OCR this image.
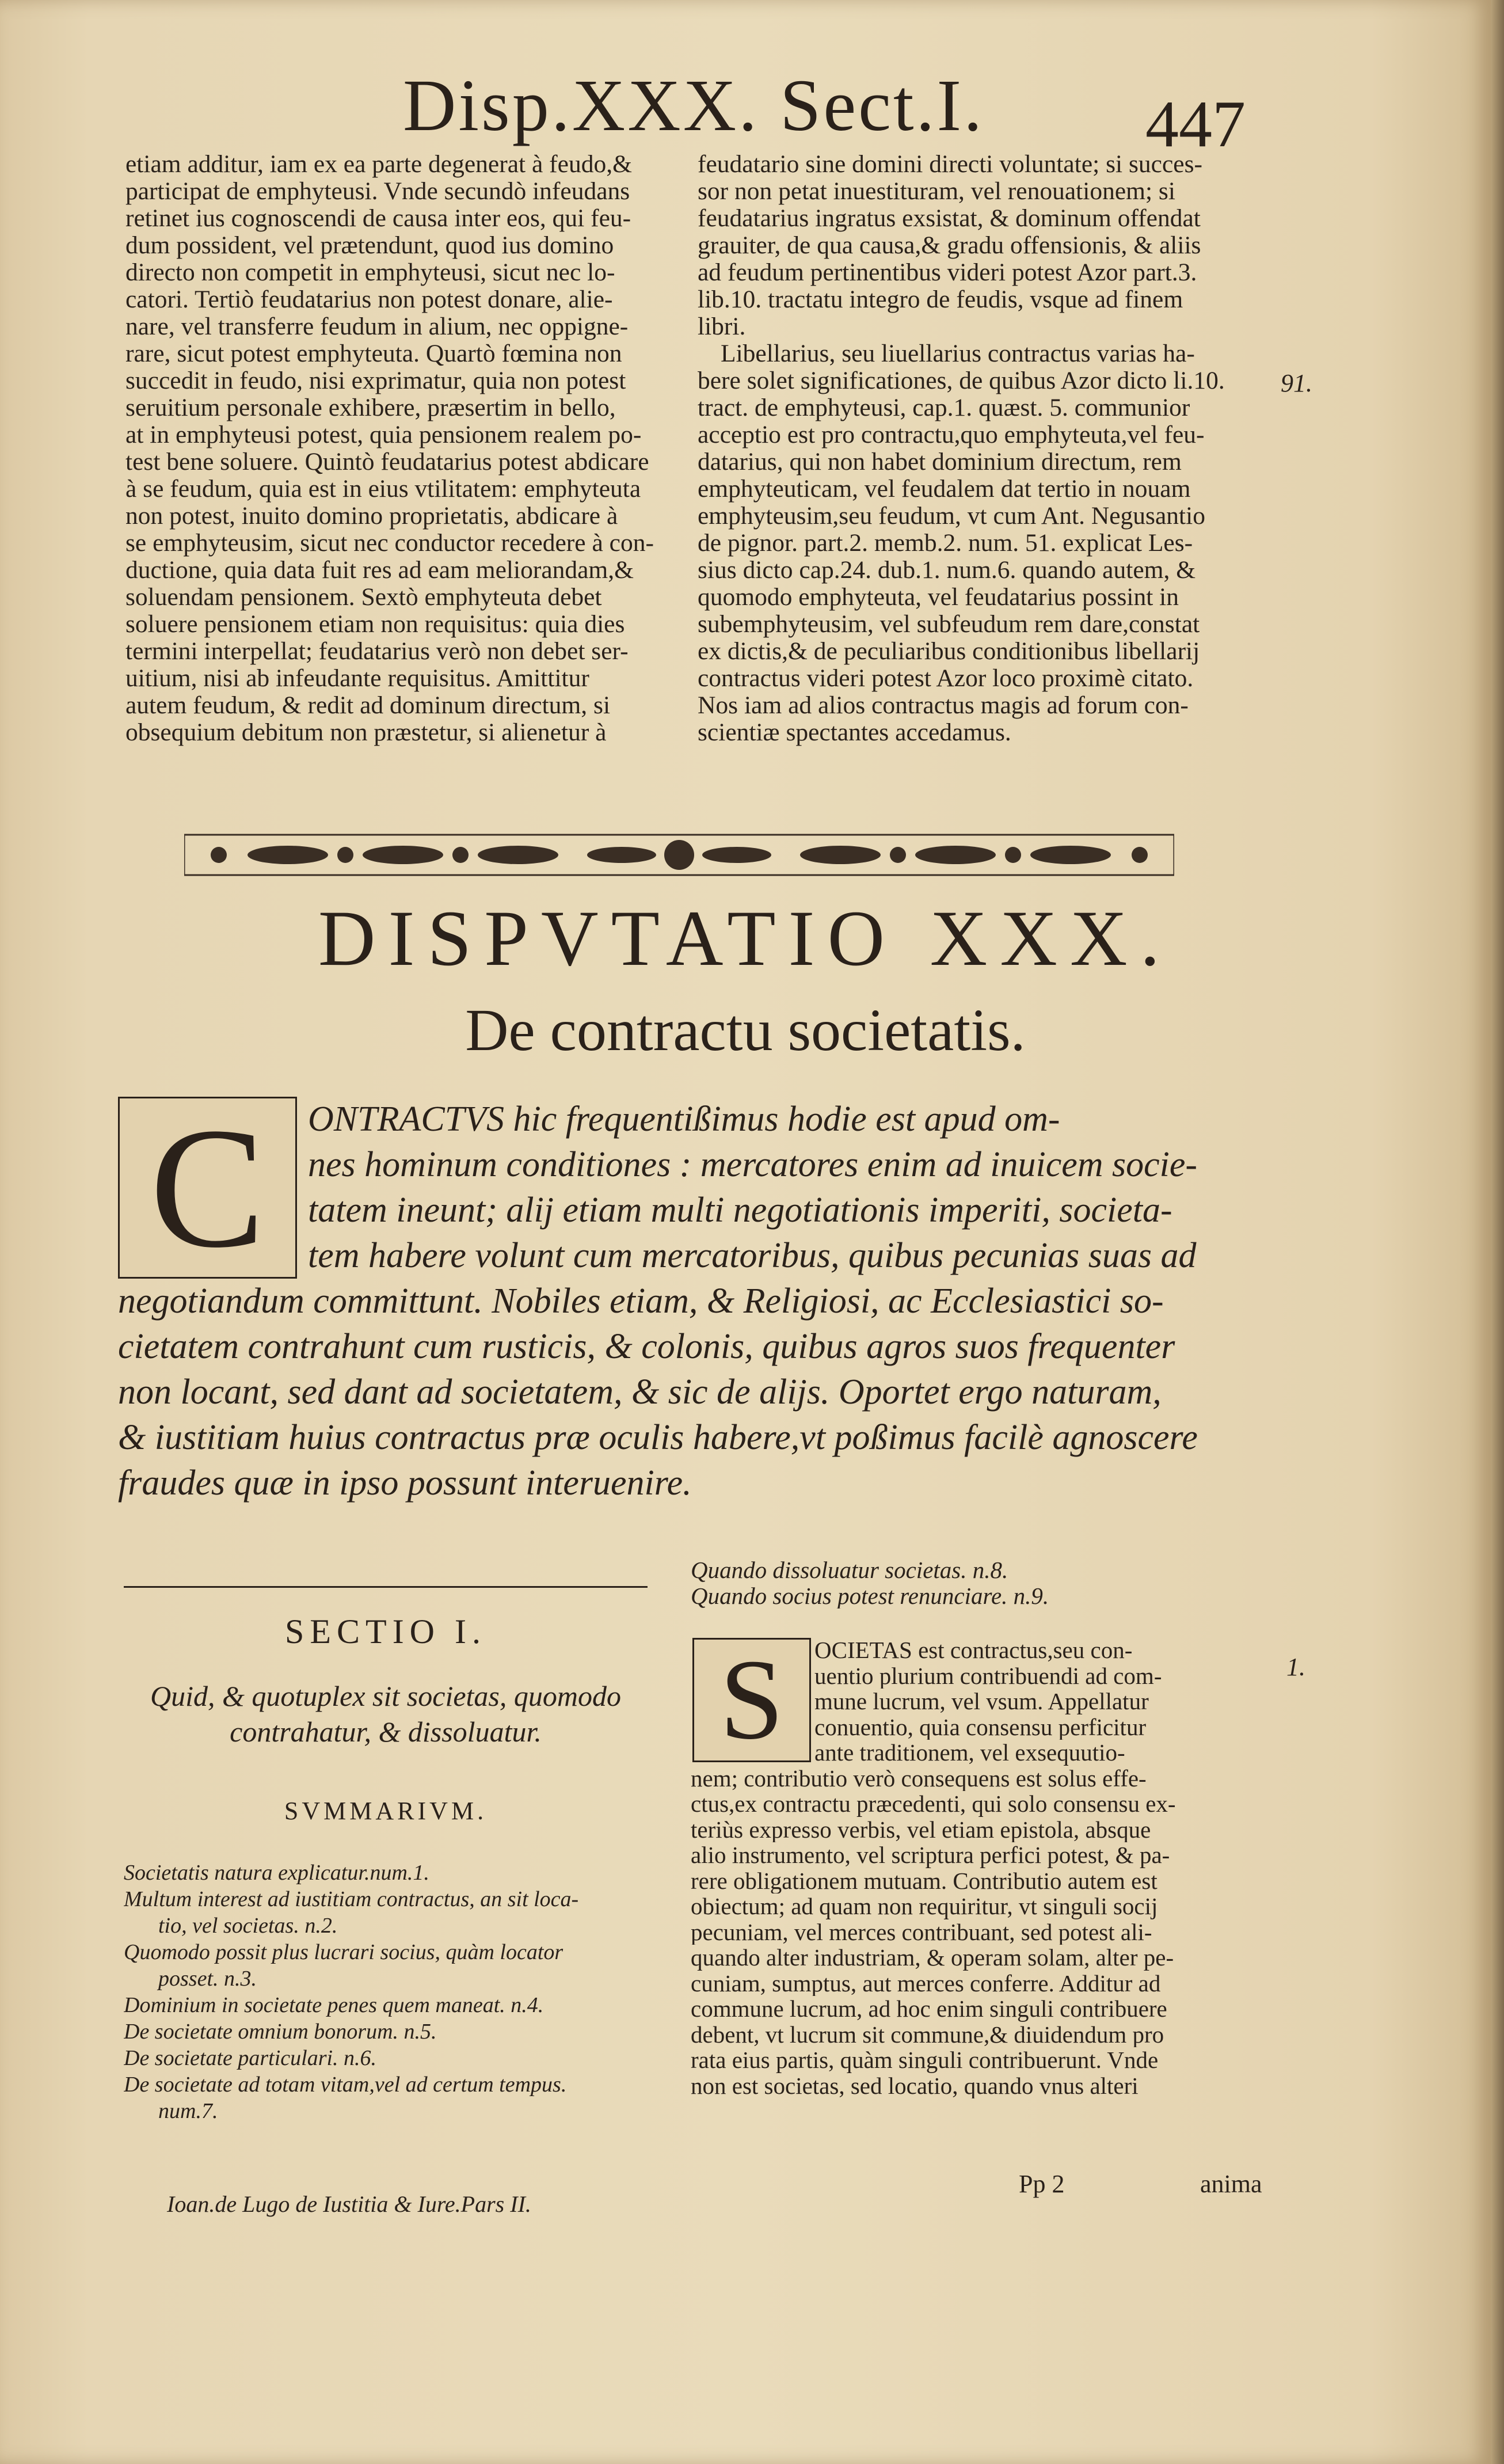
Disp.XXX. Sect.I. 447
etiam additur, iam ex ea parte degenerat à feudo,&
participat de emphyteusi. Vnde secundò infeudans
retinet ius cognoscendi de causa inter eos, qui feu-
dum possident, vel prætendunt, quod ius domino
directo non competit in emphyteusi, sicut nec lo-
catori. Tertiò feudatarius non potest donare, alie-
nare, vel transferre feudum in alium, nec oppigne-
rare, sicut potest emphyteuta. Quartò fœmina non
succedit in feudo, nisi exprimatur, quia non potest
seruitium personale exhibere, præsertim in bello,
at in emphyteusi potest, quia pensionem realem po-
test bene soluere. Quintò feudatarius potest abdicare
à se feudum, quia est in eius vtilitatem: emphyteuta
non potest, inuito domino proprietatis, abdicare à
se emphyteusim, sicut nec conductor recedere à con-
ductione, quia data fuit res ad eam meliorandam,&
soluendam pensionem. Sextò emphyteuta debet
soluere pensionem etiam non requisitus: quia dies
termini interpellat; feudatarius verò non debet ser-
uitium, nisi ab infeudante requisitus. Amittitur
autem feudum, & redit ad dominum directum, si
obsequium debitum non præstetur, si alienetur à
feudatario sine domini directi voluntate; si succes-
sor non petat inuestituram, vel renouationem; si
feudatarius ingratus exsistat, & dominum offendat
grauiter, de qua causa,& gradu offensionis, & aliis
ad feudum pertinentibus videri potest Azor part.3.
lib.10. tractatu integro de feudis, vsque ad finem
libri.
Libellarius, seu liuellarius contractus varias ha-
bere solet significationes, de quibus Azor dicto li.10.
tract. de emphyteusi, cap.1. quæst. 5. communior
acceptio est pro contractu,quo emphyteuta,vel feu-
datarius, qui non habet dominium directum, rem
emphyteuticam, vel feudalem dat tertio in nouam
emphyteusim,seu feudum, vt cum Ant. Negusantio
de pignor. part.2. memb.2. num. 51. explicat Les-
sius dicto cap.24. dub.1. num.6. quando autem, &
quomodo emphyteuta, vel feudatarius possint in
subemphyteusim, vel subfeudum rem dare,constat
ex dictis,& de peculiaribus conditionibus libellarij
contractus videri potest Azor loco proximè citato.
Nos iam ad alios contractus magis ad forum con-
scientiæ spectantes accedamus.
91.
DISPVTATIO XXX.
De contractu societatis.
ONTRACTVS hic frequentißimus hodie est apud om-
nes hominum conditiones : mercatores enim ad inuicem socie-
tatem ineunt; alij etiam multi negotiationis imperiti, societa-
tem habere volunt cum mercatoribus, quibus pecunias suas ad
negotiandum committunt. Nobiles etiam, & Religiosi, ac Ecclesiastici so-
cietatem contrahunt cum rusticis, & colonis, quibus agros suos frequenter
non locant, sed dant ad societatem, & sic de alijs. Oportet ergo naturam,
& iustitiam huius contractus præ oculis habere,vt poßimus facilè agnoscere
fraudes quæ in ipso possunt interuenire.
C
SECTIO I.
Quid, & quotuplex sit societas, quomodo
contrahatur, & dissoluatur.
SVMMARIVM.
Societatis natura explicatur.num.1.
Multum interest ad iustitiam contractus, an sit loca-
tio, vel societas. n.2.
Quomodo possit plus lucrari socius, quàm locator
posset. n.3.
Dominium in societate penes quem maneat. n.4.
De societate omnium bonorum. n.5.
De societate particulari. n.6.
De societate ad totam vitam,vel ad certum tempus.
num.7.
Ioan.de Lugo de Iustitia & Iure.Pars II.
Quando dissoluatur societas. n.8.
Quando socius potest renunciare. n.9.
OCIETAS est contractus,seu con-
uentio plurium contribuendi ad com-
mune lucrum, vel vsum. Appellatur
conuentio, quia consensu perficitur
ante traditionem, vel exsequutio-
nem; contributio verò consequens est solus effe-
ctus,ex contractu præcedenti, qui solo consensu ex-
teriùs expresso verbis, vel etiam epistola, absque
alio instrumento, vel scriptura perfici potest, & pa-
rere obligationem mutuam. Contributio autem est
obiectum; ad quam non requiritur, vt singuli socij
pecuniam, vel merces contribuant, sed potest ali-
quando alter industriam, & operam solam, alter pe-
cuniam, sumptus, aut merces conferre. Additur ad
commune lucrum, ad hoc enim singuli contribuere
debent, vt lucrum sit commune,& diuidendum pro
rata eius partis, quàm singuli contribuerunt. Vnde
non est societas, sed locatio, quando vnus alteri
S	1.
Pp 2	anima
